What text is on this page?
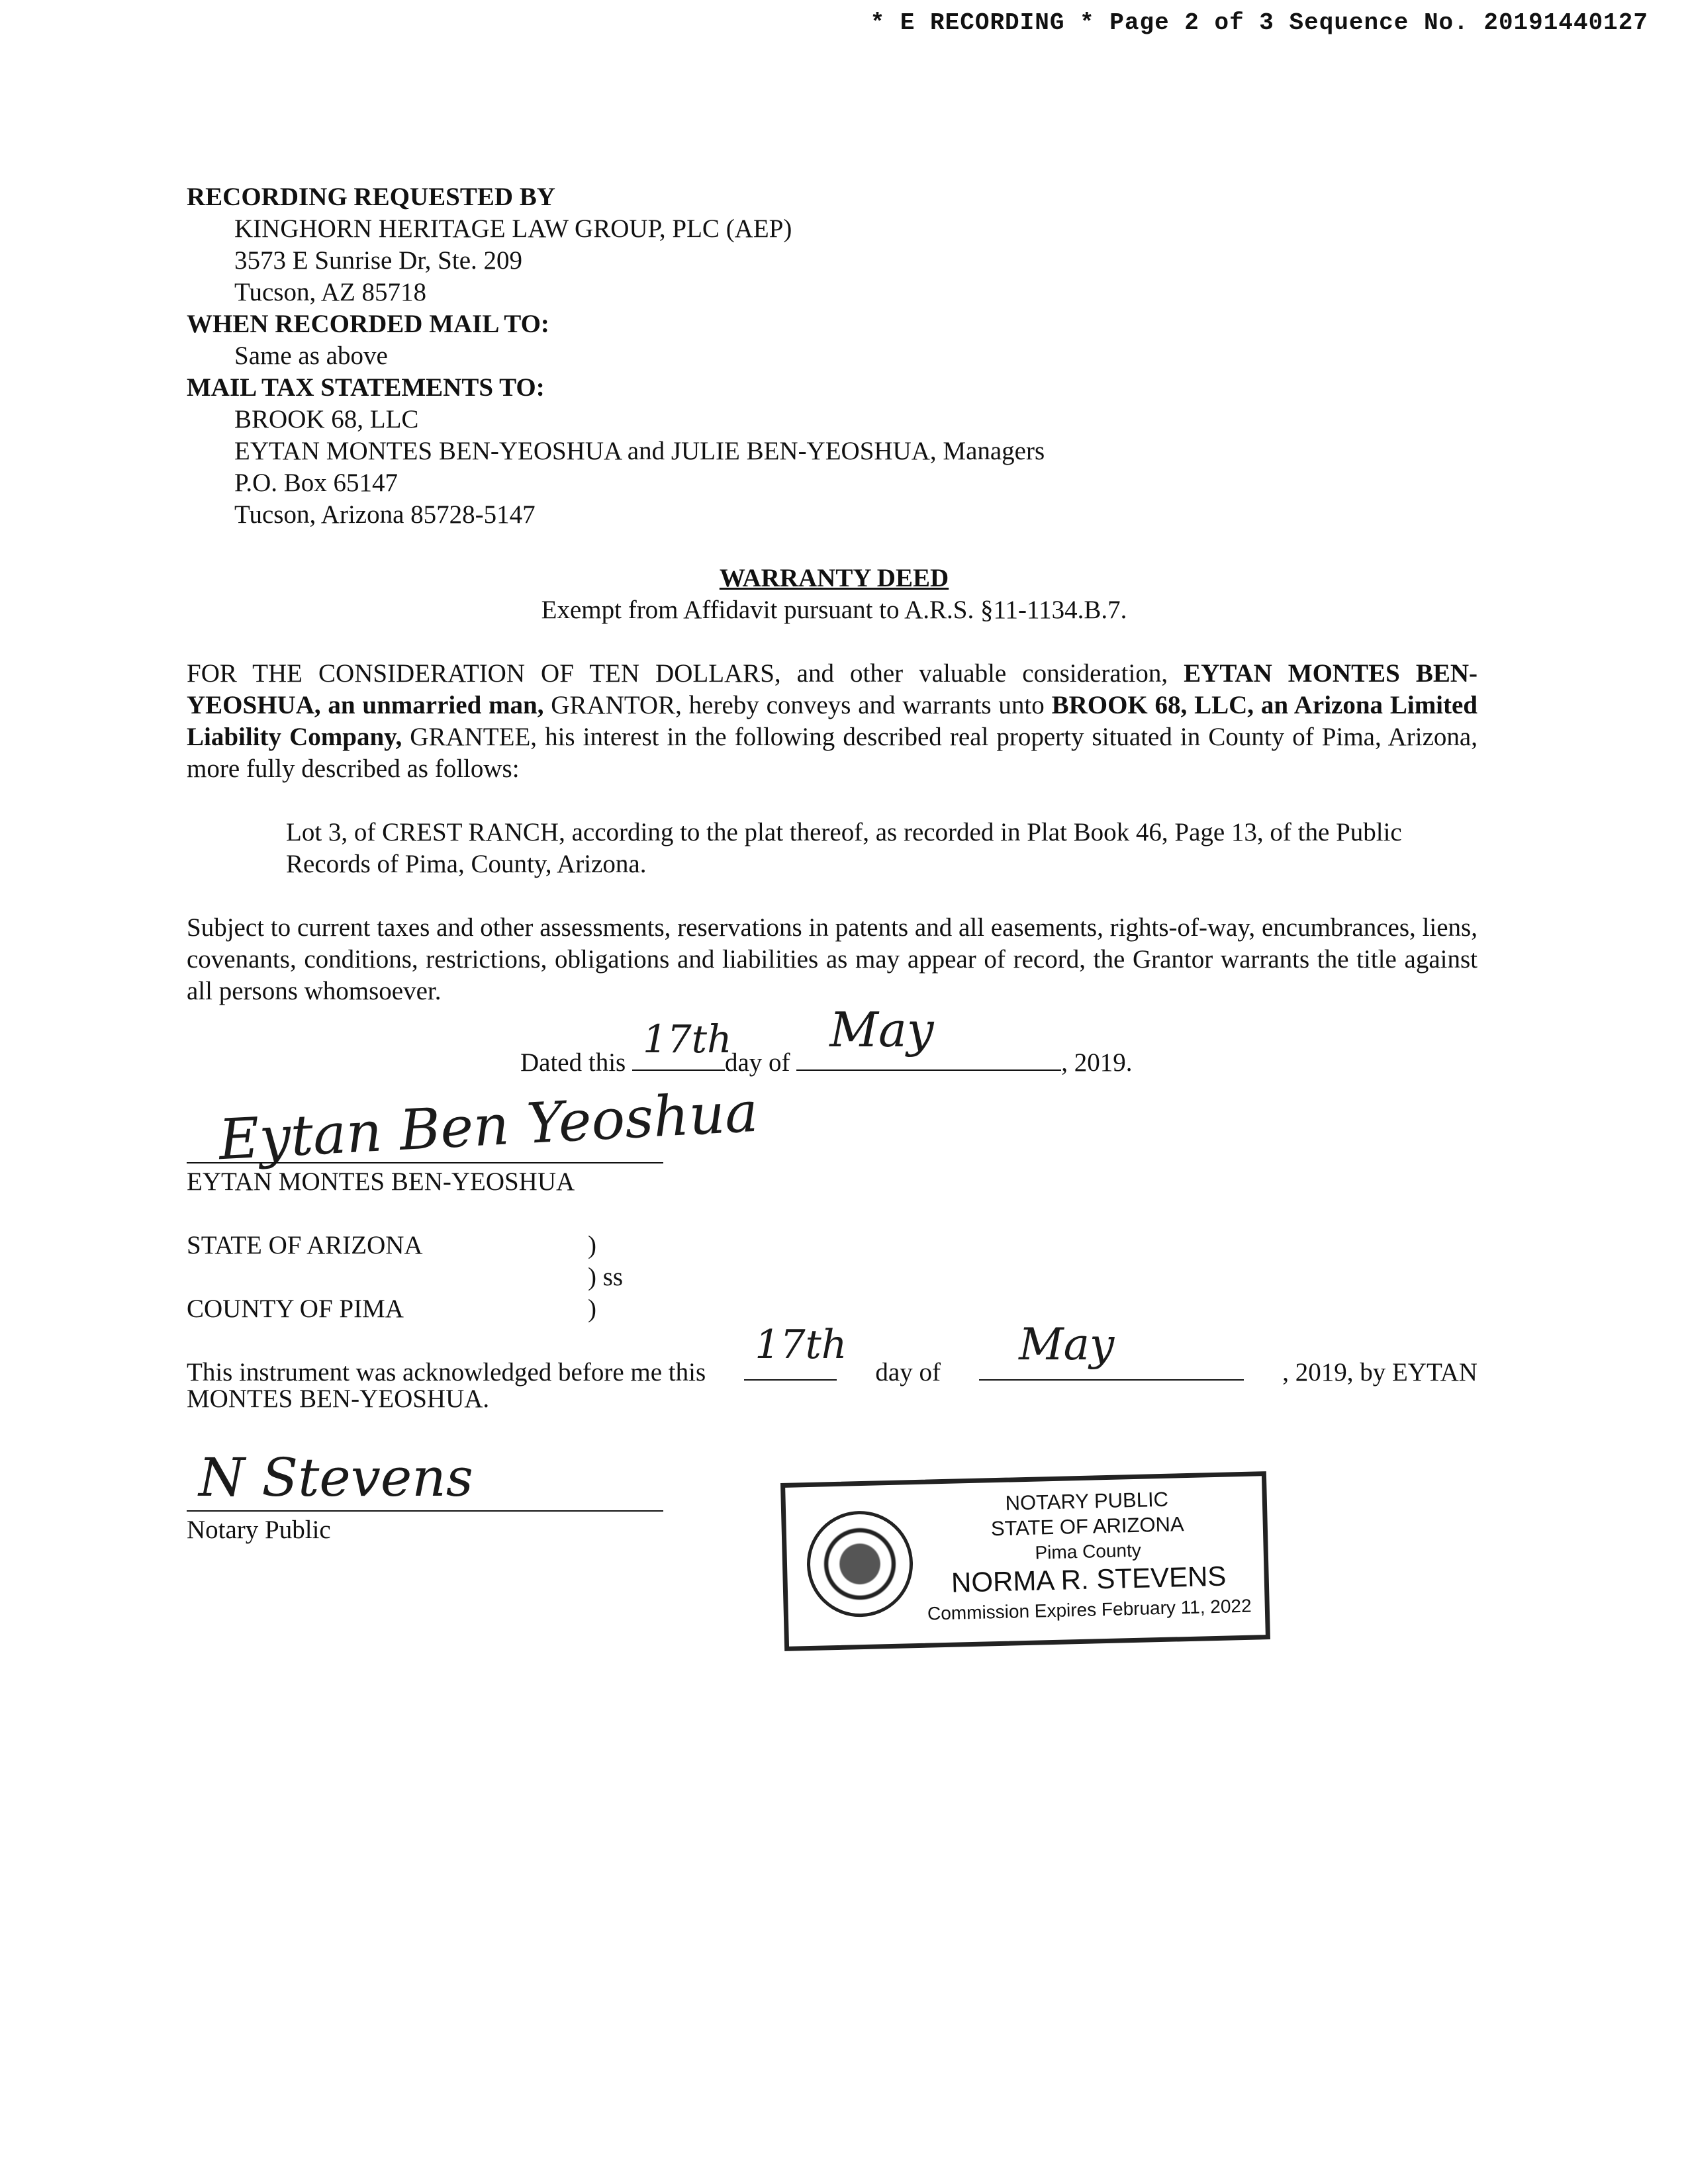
* E RECORDING * Page 2 of 3 Sequence No. 20191440127
RECORDING REQUESTED BY
KINGHORN HERITAGE LAW GROUP, PLC (AEP)
3573 E Sunrise Dr, Ste. 209
Tucson, AZ 85718
WHEN RECORDED MAIL TO:
Same as above
MAIL TAX STATEMENTS TO:
BROOK 68, LLC
EYTAN MONTES BEN-YEOSHUA and JULIE BEN-YEOSHUA, Managers
P.O. Box 65147
Tucson, Arizona 85728-5147
WARRANTY DEED
Exempt from Affidavit pursuant to A.R.S. §11-1134.B.7.
FOR THE CONSIDERATION OF TEN DOLLARS, and other valuable consideration, EYTAN MONTES BEN-YEOSHUA, an unmarried man, GRANTOR, hereby conveys and warrants unto BROOK 68, LLC, an Arizona Limited Liability Company, GRANTEE, his interest in the following described real property situated in County of Pima, Arizona, more fully described as follows:
Lot 3, of CREST RANCH, according to the plat thereof, as recorded in Plat Book 46, Page 13, of the Public Records of Pima, County, Arizona.
Subject to current taxes and other assessments, reservations in patents and all easements, rights-of-way, encumbrances, liens, covenants, conditions, restrictions, obligations and liabilities as may appear of record, the Grantor warrants the title against all persons whomsoever.
Dated this
17th
day of
May
, 2019.
Eytan Ben Yeoshua
EYTAN MONTES BEN-YEOSHUA
STATE OF ARIZONA	)
) ss
COUNTY OF PIMA	)
This instrument was acknowledged before me this
17th
day of
May
, 2019, by EYTAN
MONTES BEN-YEOSHUA.
N Stevens
Notary Public
NOTARY PUBLIC
STATE OF ARIZONA
Pima County
NORMA R. STEVENS
Commission Expires February 11, 2022
